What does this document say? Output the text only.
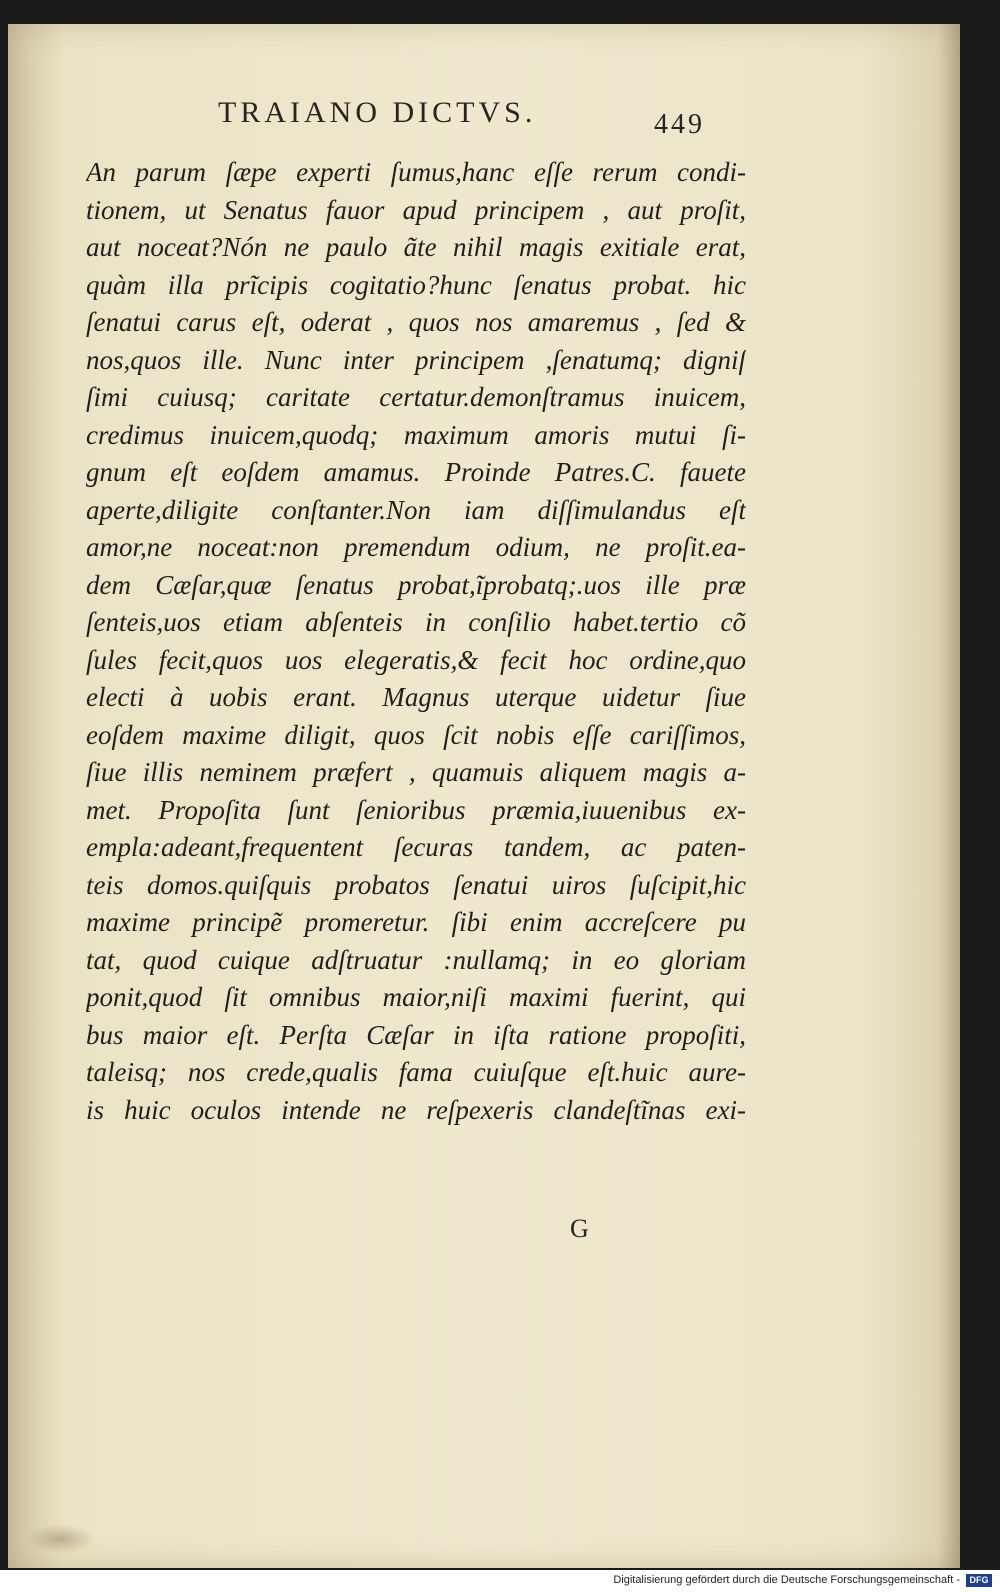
TRAIANO DICTVS.	449
An parum ſæpe experti ſumus,hanc eſſe rerum condi-
tionem, ut Senatus fauor apud principem , aut proſit,
aut noceat?Nón ne paulo ãte nihil magis exitiale erat,
quàm illa prĩcipis cogitatio?hunc ſenatus probat. hic
ſenatui carus eſt, oderat , quos nos amaremus , ſed &
nos,quos ille. Nunc inter principem ,ſenatumq; digniſ
ſimi cuiusq; caritate certatur.demonſtramus inuicem,
credimus inuicem,quodq; maximum amoris mutui ſi-
gnum eſt eoſdem amamus. Proinde Patres.C. fauete
aperte,diligite conſtanter.Non iam diſſimulandus eſt
amor,ne noceat:non premendum odium, ne proſit.ea-
dem Cæſar,quæ ſenatus probat,ĩprobatq;.uos ille præ
ſenteis,uos etiam abſenteis in conſilio habet.tertio cõ
ſules fecit,quos uos elegeratis,& fecit hoc ordine,quo
electi à uobis erant. Magnus uterque uidetur ſiue
eoſdem maxime diligit, quos ſcit nobis eſſe cariſſimos,
ſiue illis neminem præfert , quamuis aliquem magis a-
met. Propoſita ſunt ſenioribus præmia,iuuenibus ex-
empla:adeant,frequentent ſecuras tandem, ac paten-
teis domos.quiſquis probatos ſenatui uiros ſuſcipit,hic
maxime principẽ promeretur. ſibi enim accreſcere pu
tat, quod cuique adſtruatur :nullamq; in eo gloriam
ponit,quod ſit omnibus maior,niſi maximi fuerint, qui
bus maior eſt. Perſta Cæſar in iſta ratione propoſiti,
taleisq; nos crede,qualis fama cuiuſque eſt.huic aure-
is huic oculos intende ne reſpexeris clandeſtĩnas exi-
G
Digitalisierung gefördert durch die Deutsche Forschungsgemeinschaft -	DFG
